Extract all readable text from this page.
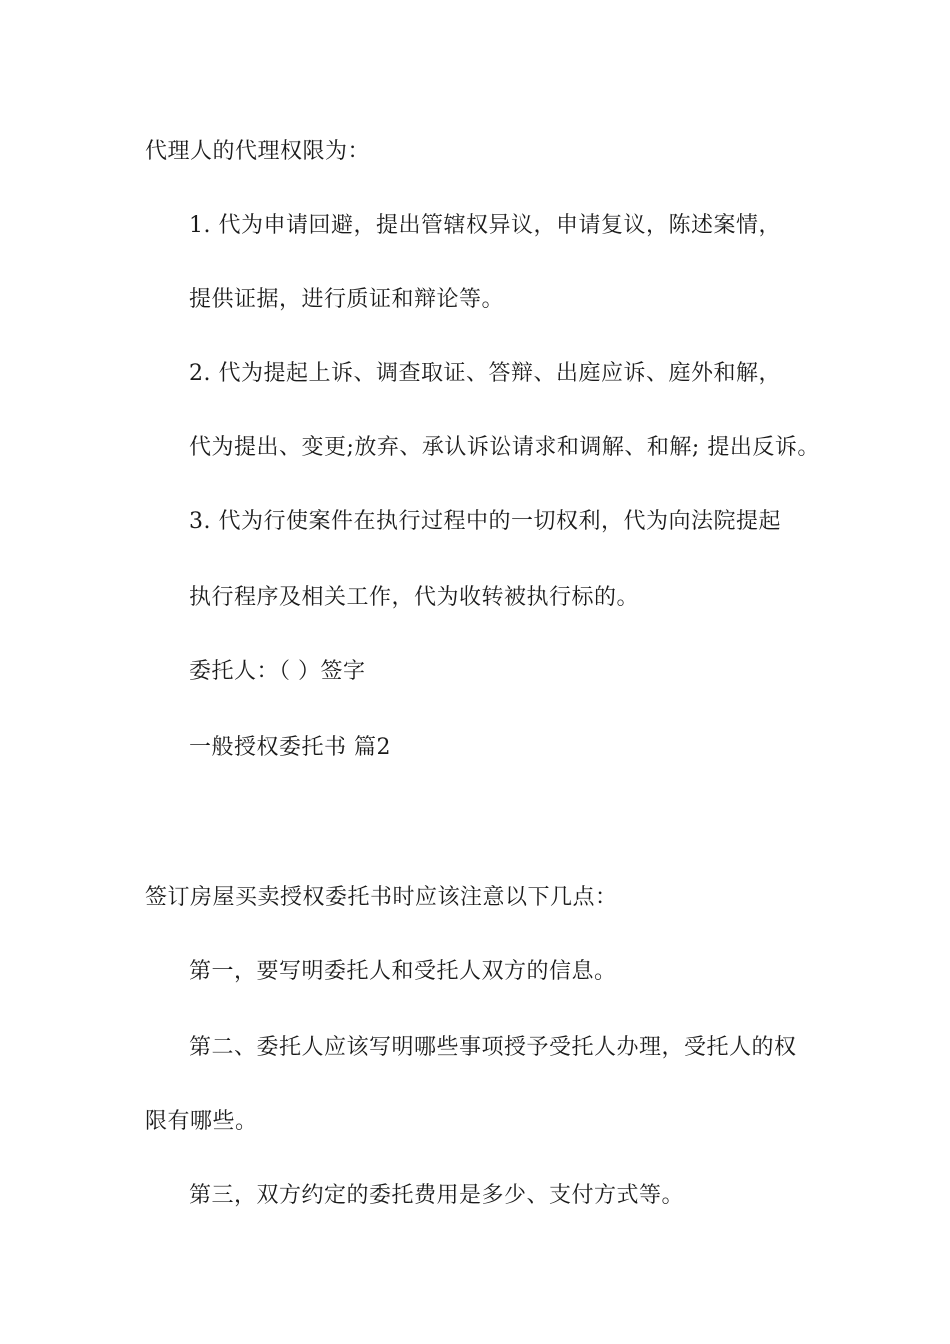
代理人的代理权限为：
1. 代为申请回避，提出管辖权异议，申请复议，陈述案情，
提供证据，进行质证和辩论等。
2. 代为提起上诉、调查取证、答辩、出庭应诉、庭外和解，
代为提出、变更;放弃、承认诉讼请求和调解、和解; 提出反诉。
3. 代为行使案件在执行过程中的一切权利，代为向法院提起
执行程序及相关工作，代为收转被执行标的。
委托人：（ ）签字
一般授权委托书 篇2
签订房屋买卖授权委托书时应该注意以下几点：
第一，要写明委托人和受托人双方的信息。
第二、委托人应该写明哪些事项授予受托人办理，受托人的权
限有哪些。
第三，双方约定的委托费用是多少、支付方式等。
